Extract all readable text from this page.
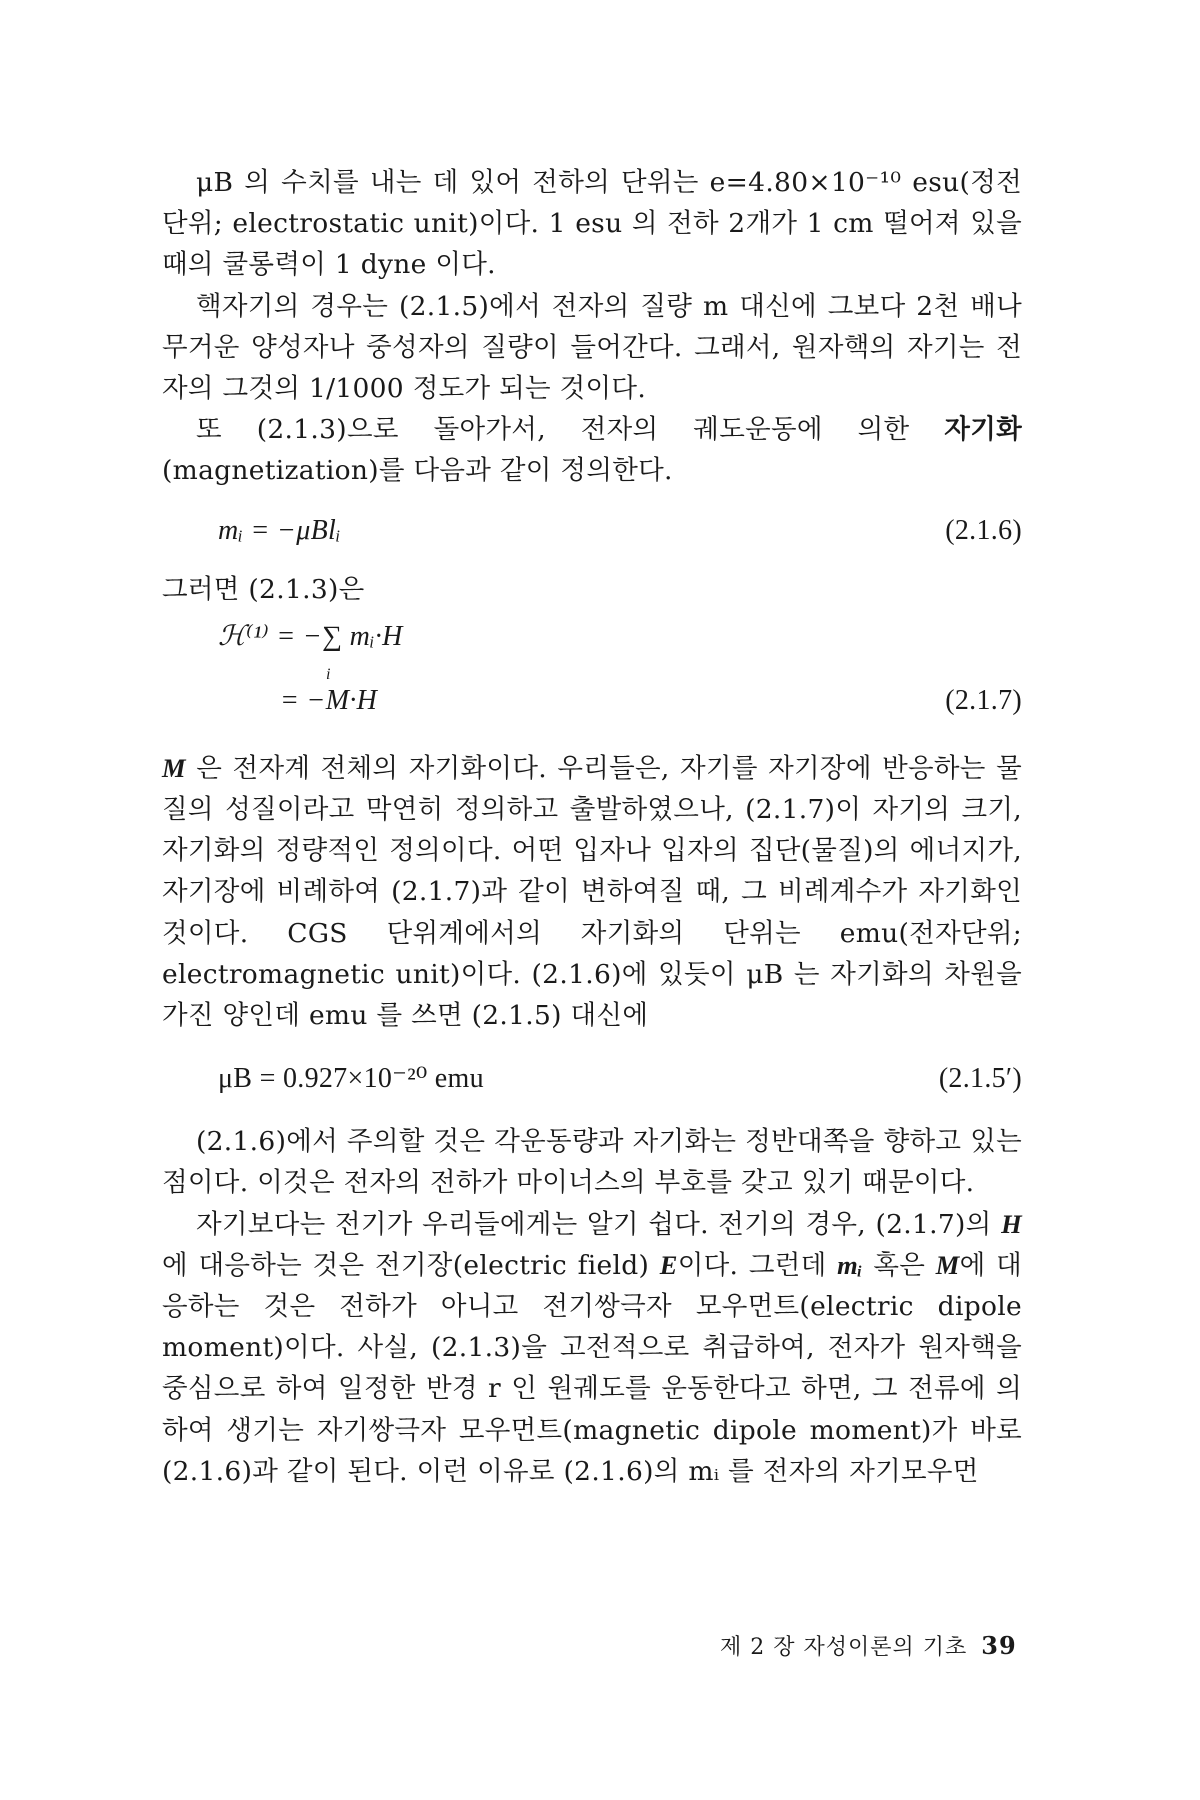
μB 의 수치를 내는 데 있어 전하의 단위는 e=4.80×10⁻¹⁰ esu(정전단위; electrostatic unit)이다. 1 esu 의 전하 2개가 1 cm 떨어져 있을 때의 쿨롱력이 1 dyne 이다.

핵자기의 경우는 (2.1.5)에서 전자의 질량 m 대신에 그보다 2천 배나 무거운 양성자나 중성자의 질량이 들어간다. 그래서, 원자핵의 자기는 전자의 그것의 1/1000 정도가 되는 것이다.

또 (2.1.3)으로 돌아가서, 전자의 궤도운동에 의한 자기화(magnetization)를 다음과 같이 정의한다.

mᵢ = −μBlᵢ	(2.1.6)

그러면 (2.1.3)은

ℋ⁽¹⁾ = −∑ mᵢ·H
i
= −M·H	(2.1.7)

M 은 전자계 전체의 자기화이다. 우리들은, 자기를 자기장에 반응하는 물질의 성질이라고 막연히 정의하고 출발하였으나, (2.1.7)이 자기의 크기, 자기화의 정량적인 정의이다. 어떤 입자나 입자의 집단(물질)의 에너지가, 자기장에 비례하여 (2.1.7)과 같이 변하여질 때, 그 비례계수가 자기화인 것이다. CGS 단위계에서의 자기화의 단위는 emu(전자단위; electromagnetic unit)이다. (2.1.6)에 있듯이 μB 는 자기화의 차원을 가진 양인데 emu 를 쓰면 (2.1.5) 대신에

μB = 0.927×10⁻²⁰ emu	(2.1.5′)

(2.1.6)에서 주의할 것은 각운동량과 자기화는 정반대쪽을 향하고 있는 점이다. 이것은 전자의 전하가 마이너스의 부호를 갖고 있기 때문이다.

자기보다는 전기가 우리들에게는 알기 쉽다. 전기의 경우, (2.1.7)의 H에 대응하는 것은 전기장(electric field) E이다. 그런데 mᵢ 혹은 M에 대응하는 것은 전하가 아니고 전기쌍극자 모우먼트(electric dipole moment)이다. 사실, (2.1.3)을 고전적으로 취급하여, 전자가 원자핵을 중심으로 하여 일정한 반경 r 인 원궤도를 운동한다고 하면, 그 전류에 의하여 생기는 자기쌍극자 모우먼트(magnetic dipole moment)가 바로 (2.1.6)과 같이 된다. 이런 이유로 (2.1.6)의 mᵢ 를 전자의 자기모우먼

제 2 장 자성이론의 기초 39
